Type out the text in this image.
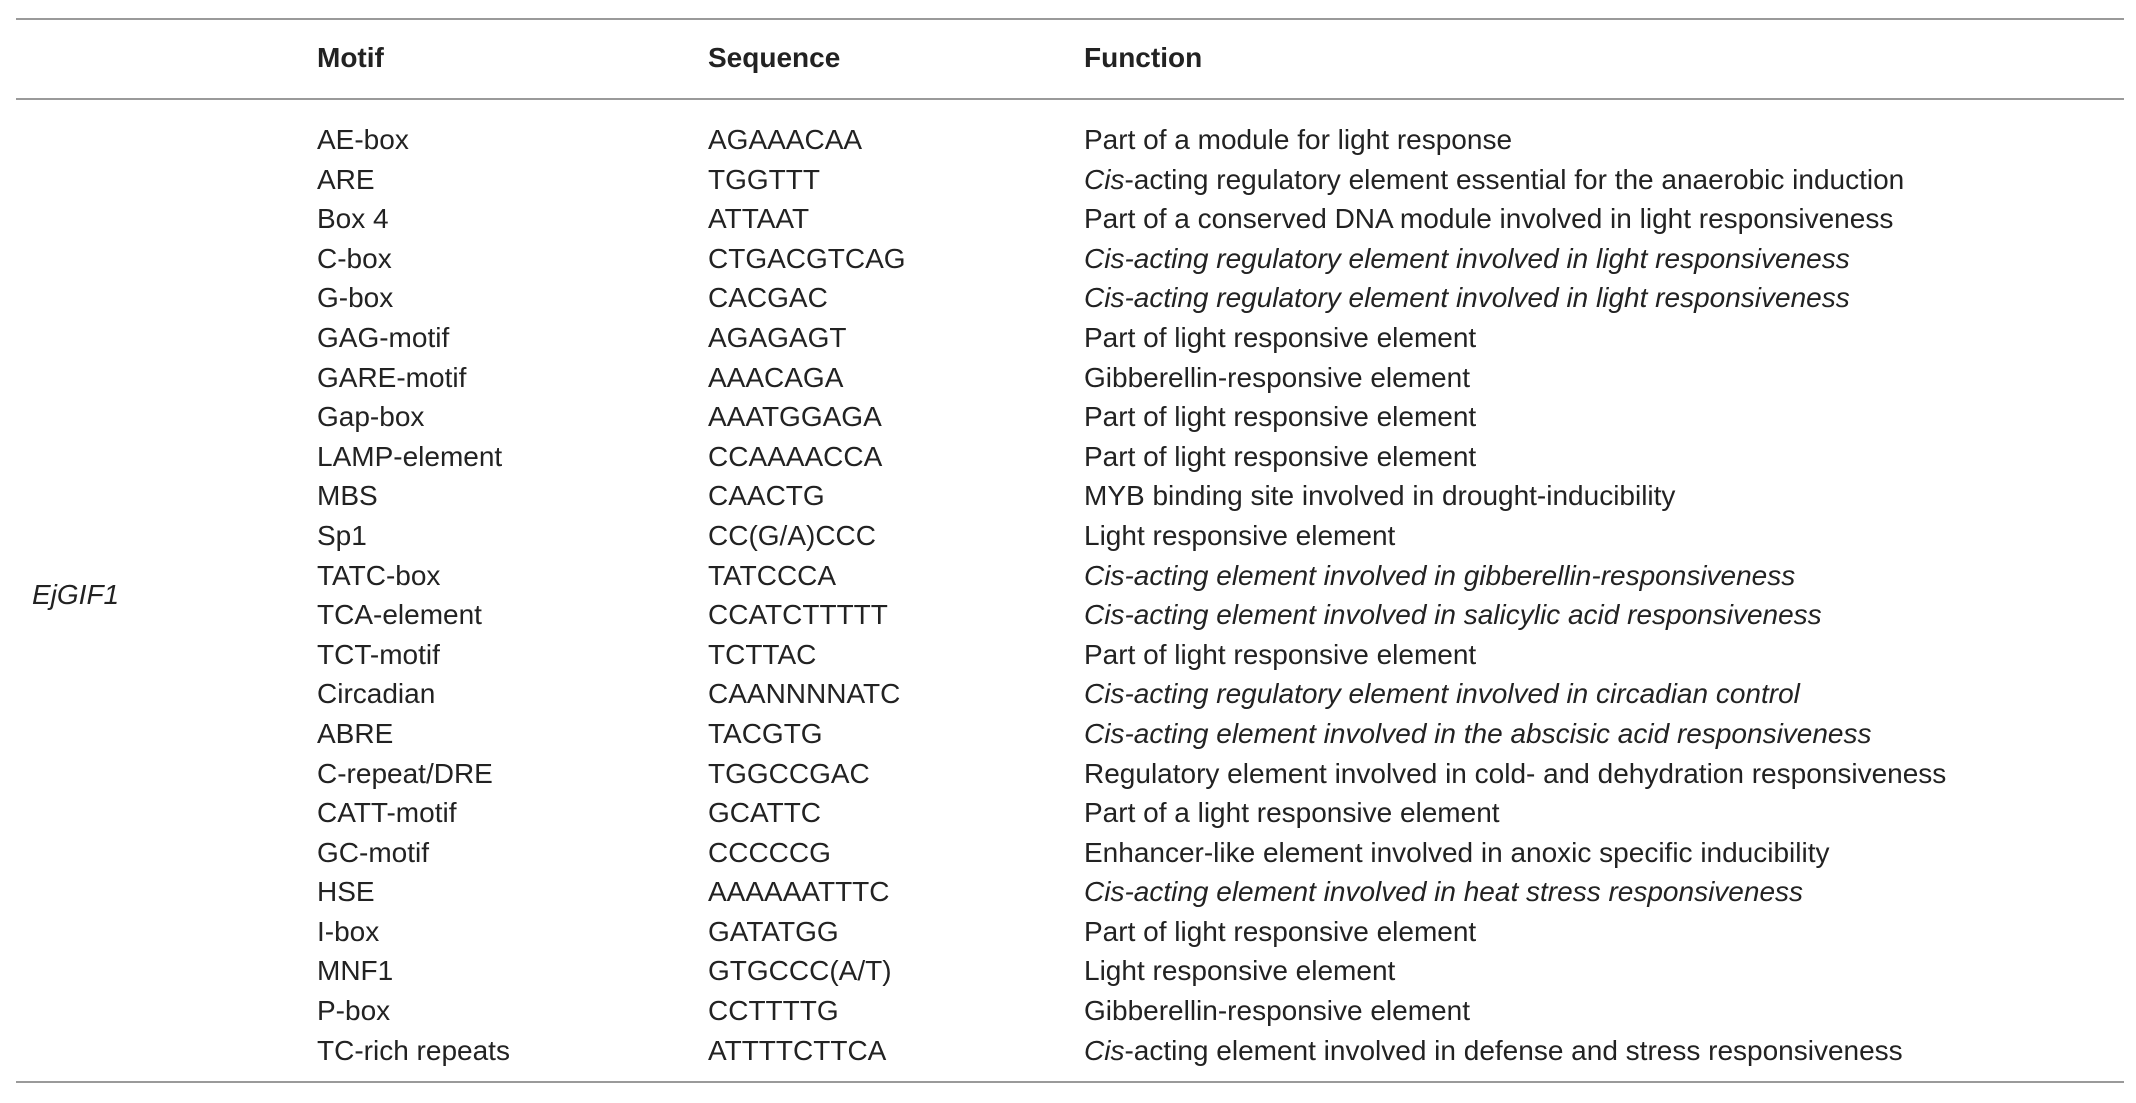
Motif	Sequence	Function
EjGIF1
AE-box	AGAAACAA	Part of a module for light response
ARE	TGGTTT	Cis-acting regulatory element essential for the anaerobic induction
Box 4	ATTAAT	Part of a conserved DNA module involved in light responsiveness
C-box	CTGACGTCAG	Cis-acting regulatory element involved in light responsiveness
G-box	CACGAC	Cis-acting regulatory element involved in light responsiveness
GAG-motif	AGAGAGT	Part of light responsive element
GARE-motif	AAACAGA	Gibberellin-responsive element
Gap-box	AAATGGAGA	Part of light responsive element
LAMP-element	CCAAAACCA	Part of light responsive element
MBS	CAACTG	MYB binding site involved in drought-inducibility
Sp1	CC(G/A)CCC	Light responsive element
TATC-box	TATCCCA	Cis-acting element involved in gibberellin-responsiveness
TCA-element	CCATCTTTTT	Cis-acting element involved in salicylic acid responsiveness
TCT-motif	TCTTAC	Part of light responsive element
Circadian	CAANNNNATC	Cis-acting regulatory element involved in circadian control
ABRE	TACGTG	Cis-acting element involved in the abscisic acid responsiveness
C-repeat/DRE	TGGCCGAC	Regulatory element involved in cold- and dehydration responsiveness
CATT-motif	GCATTC	Part of a light responsive element
GC-motif	CCCCCG	Enhancer-like element involved in anoxic specific inducibility
HSE	AAAAAATTTC	Cis-acting element involved in heat stress responsiveness
I-box	GATATGG	Part of light responsive element
MNF1	GTGCCC(A/T)	Light responsive element
P-box	CCTTTTG	Gibberellin-responsive element
TC-rich repeats	ATTTTCTTCA	Cis-acting element involved in defense and stress responsiveness
